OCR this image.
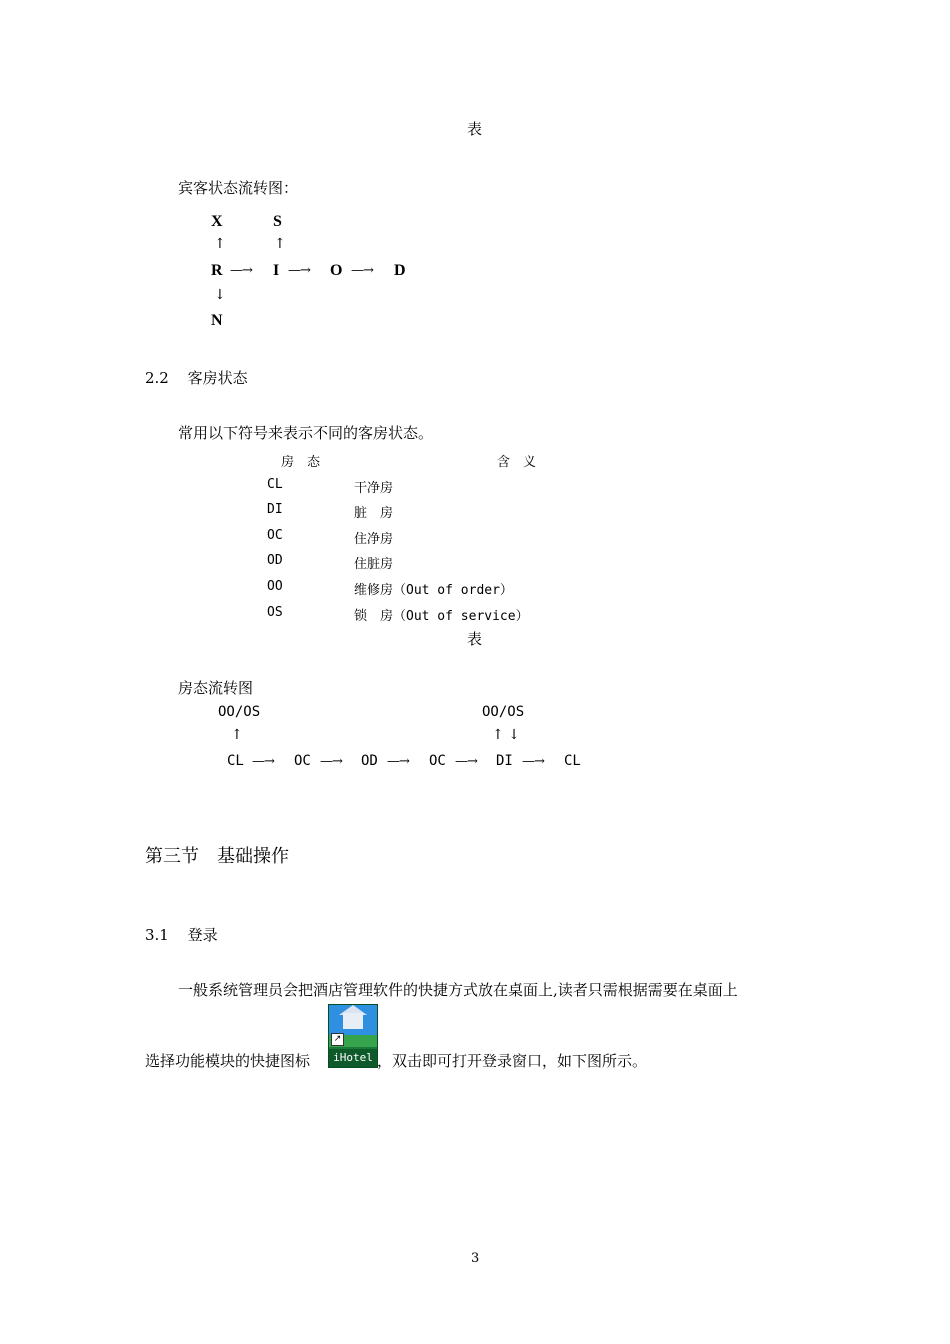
表
宾客状态流转图：
X	S
↑	↑
R —→ I —→ O —→ D
↓
N
2.2 客房状态
常用以下符号来表示不同的客房状态。
房　态	含　义
CL	干净房
DI	脏　房
OC	住净房
OD	住脏房
OO	维修房（Out of order）
OS	锁　房（Out of service）
表
房态流转图
OO/OS	OO/OS
↑	↑ ↓
CL —→ OC —→ OD —→ OC —→ DI —→ CL
第三节　基础操作
3.1 登录
一般系统管理员会把酒店管理软件的快捷方式放在桌面上,读者只需根据需要在桌面上
选择功能模块的快捷图标
↗
iHotel ，双击即可打开登录窗口，如下图所示。
3
